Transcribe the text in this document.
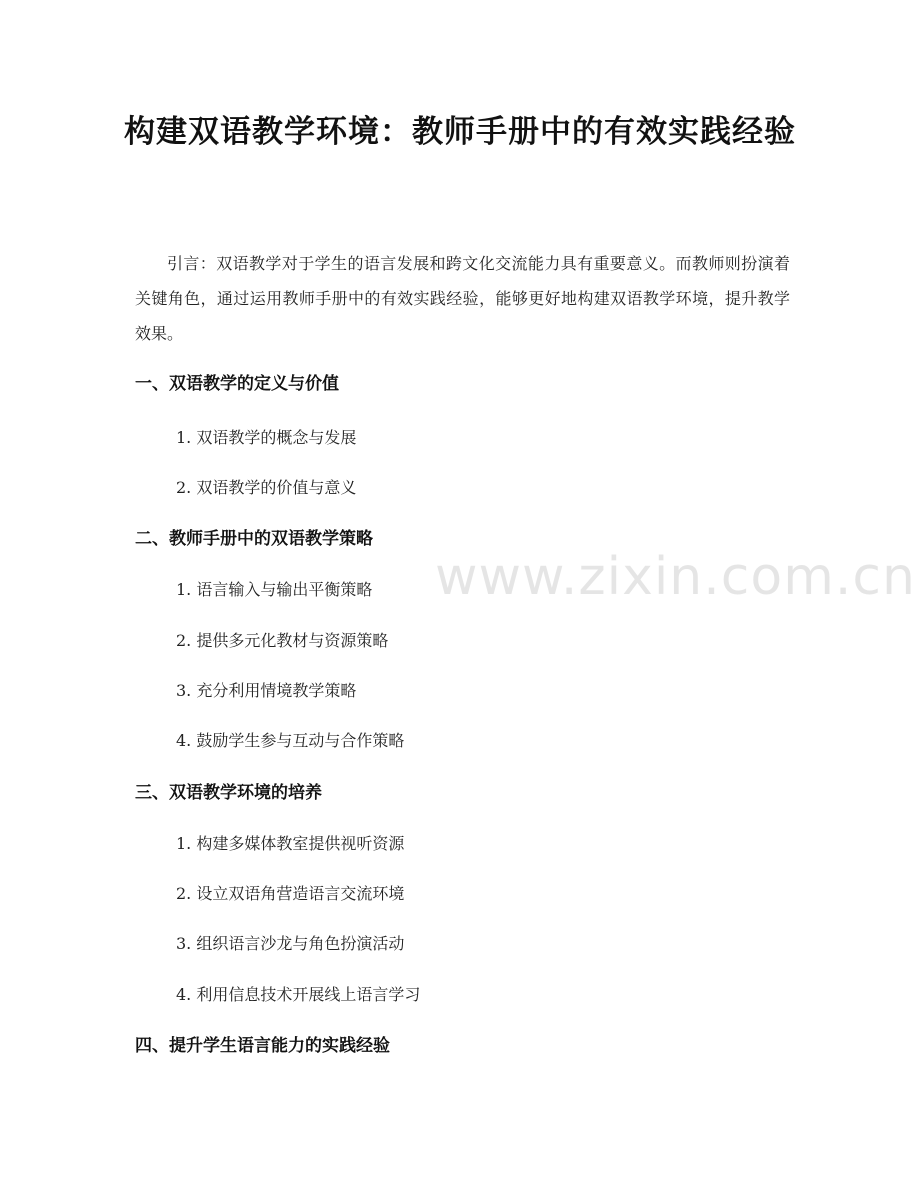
构建双语教学环境：教师手册中的有效实践经验
引言：双语教学对于学生的语言发展和跨文化交流能力具有重要意义。而教师则扮演着关键角色，通过运用教师手册中的有效实践经验，能够更好地构建双语教学环境，提升教学效果。
一、双语教学的定义与价值
1. 双语教学的概念与发展
2. 双语教学的价值与意义
二、教师手册中的双语教学策略
1. 语言输入与输出平衡策略
2. 提供多元化教材与资源策略
3. 充分利用情境教学策略
4. 鼓励学生参与互动与合作策略
三、双语教学环境的培养
1. 构建多媒体教室提供视听资源
2. 设立双语角营造语言交流环境
3. 组织语言沙龙与角色扮演活动
4. 利用信息技术开展线上语言学习
四、提升学生语言能力的实践经验
www.zixin.com.cn
